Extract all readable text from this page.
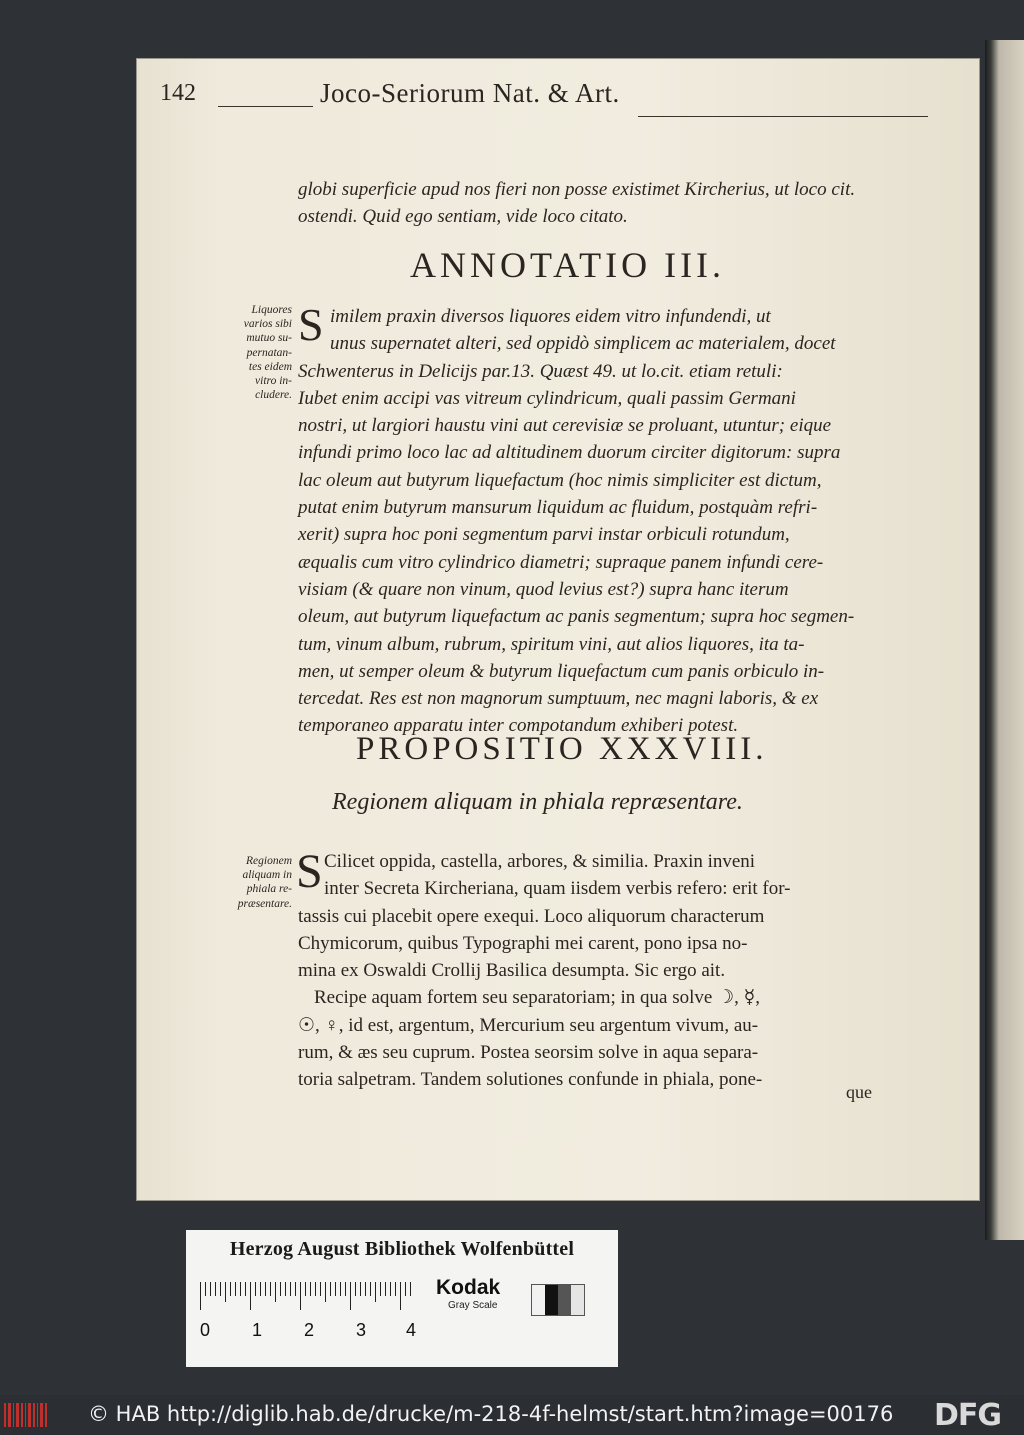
142	Joco-Seriorum Nat. & Art.
globi superficie apud nos fieri non posse existimet Kircherius, ut loco cit.
ostendi. Quid ego sentiam, vide loco citato.
ANNOTATIO III.
Liquores
varios sibi
mutuo su-
pernatan-
tes eidem
vitro in-
cludere.
S imilem praxin diversos liquores eidem vitro infundendi, ut
unus supernatet alteri, sed oppidò simplicem ac materialem, docet
Schwenterus in Delicijs par.13. Quæst 49. ut lo.cit. etiam retuli:
Iubet enim accipi vas vitreum cylindricum, quali passim Germani
nostri, ut largiori haustu vini aut cerevisiæ se proluant, utuntur; eique
infundi primo loco lac ad altitudinem duorum circiter digitorum: supra
lac oleum aut butyrum liquefactum (hoc nimis simpliciter est dictum,
putat enim butyrum mansurum liquidum ac fluidum, postquàm refri-
xerit) supra hoc poni segmentum parvi instar orbiculi rotundum,
æqualis cum vitro cylindrico diametri; supraque panem infundi cere-
visiam (& quare non vinum, quod levius est?) supra hanc iterum
oleum, aut butyrum liquefactum ac panis segmentum; supra hoc segmen-
tum, vinum album, rubrum, spiritum vini, aut alios liquores, ita ta-
men, ut semper oleum & butyrum liquefactum cum panis orbiculo in-
tercedat. Res est non magnorum sumptuum, nec magni laboris, & ex
temporaneo apparatu inter compotandum exhiberi potest.
PROPOSITIO XXXVIII.
Regionem aliquam in phiala repræsentare.
Regionem
aliquam in
phiala re-
præsentare.
S Cilicet oppida, castella, arbores, & similia. Praxin inveni
inter Secreta Kircheriana, quam iisdem verbis refero: erit for-
tassis cui placebit opere exequi. Loco aliquorum characterum
Chymicorum, quibus Typographi mei carent, pono ipsa no-
mina ex Oswaldi Crollij Basilica desumpta. Sic ergo ait.
Recipe aquam fortem seu separatoriam; in qua solve ☽, ☿,
☉, ♀, id est, argentum, Mercurium seu argentum vivum, au-
rum, & æs seu cuprum. Postea seorsim solve in aqua separa-
toria salpetram. Tandem solutiones confunde in phiala, pone-
que
Herzog August Bibliothek Wolfenbüttel
0 1 2 3 4
Kodak
Gray Scale
© HAB http://diglib.hab.de/drucke/m-218-4f-helmst/start.htm?image=00176 DFG
